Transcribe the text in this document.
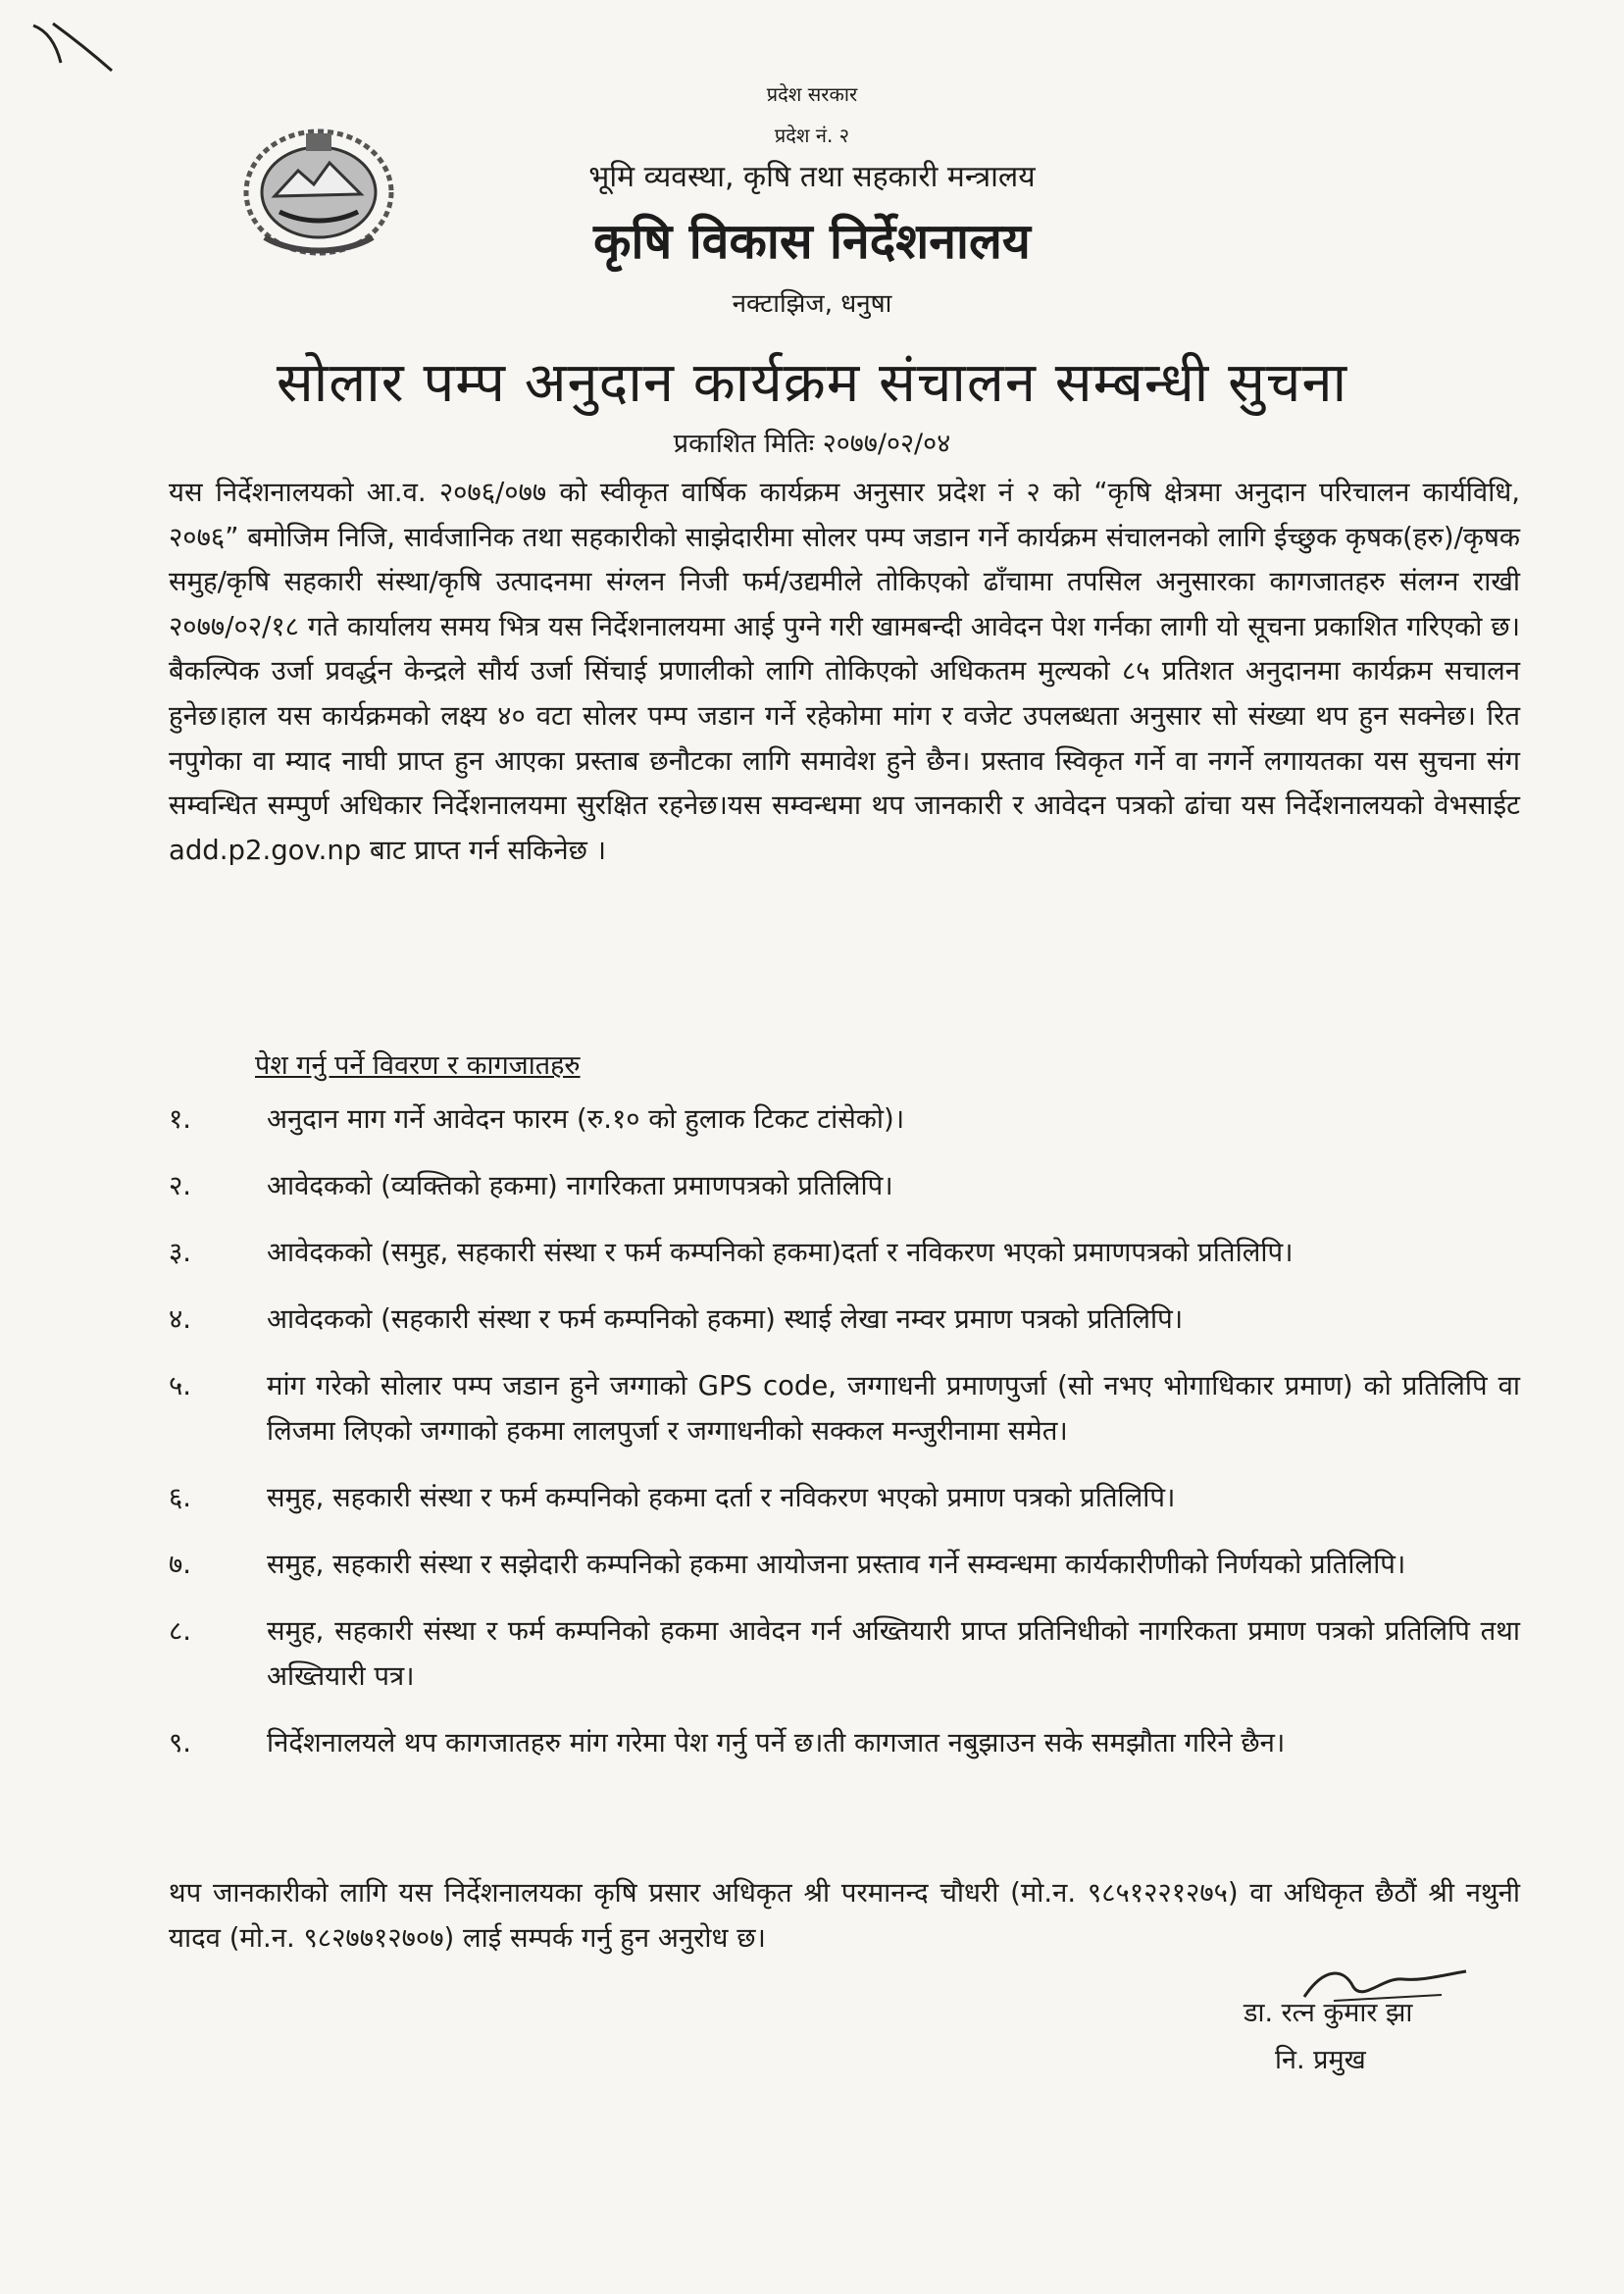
प्रदेश सरकार
प्रदेश नं. २
भूमि व्यवस्था, कृषि तथा सहकारी मन्त्रालय
कृषि विकास निर्देशनालय
नक्टाझिज, धनुषा
सोलार पम्प अनुदान कार्यक्रम संचालन सम्बन्धी सुचना
प्रकाशित मितिः २०७७/०२/०४
यस निर्देशनालयको आ.व. २०७६/०७७ को स्वीकृत वार्षिक कार्यक्रम अनुसार प्रदेश नं २ को “कृषि क्षेत्रमा अनुदान परिचालन कार्यविधि, २०७६” बमोजिम निजि, सार्वजानिक तथा सहकारीको साझेदारीमा सोलर पम्प जडान गर्ने कार्यक्रम संचालनको लागि ईच्छुक कृषक(हरु)/कृषक समुह/कृषि सहकारी संस्था/कृषि उत्पादनमा संग्लन निजी फर्म/उद्यमीले तोकिएको ढाँचामा तपसिल अनुसारका कागजातहरु संलग्न राखी २०७७/०२/१८ गते कार्यालय समय भित्र यस निर्देशनालयमा आई पुग्ने गरी खामबन्दी आवेदन पेश गर्नका लागी यो सूचना प्रकाशित गरिएको छ। बैकल्पिक उर्जा प्रवर्द्धन केन्द्रले सौर्य उर्जा सिंचाई प्रणालीको लागि तोकिएको अधिकतम मुल्यको ८५ प्रतिशत अनुदानमा कार्यक्रम सचालन हुनेछ।हाल यस कार्यक्रमको लक्ष्य ४० वटा सोलर पम्प जडान गर्ने रहेकोमा मांग र वजेट उपलब्धता अनुसार सो संख्या थप हुन सक्नेछ। रित नपुगेका वा म्याद नाघी प्राप्त हुन आएका प्रस्ताब छनौटका लागि समावेश हुने छैन। प्रस्ताव स्विकृत गर्ने वा नगर्ने लगायतका यस सुचना संग सम्वन्धित सम्पुर्ण अधिकार निर्देशनालयमा सुरक्षित रहनेछ।यस सम्वन्धमा थप जानकारी र आवेदन पत्रको ढांचा यस निर्देशनालयको वेभसाईट add.p2.gov.np बाट प्राप्त गर्न सकिनेछ ।
पेश गर्नु पर्ने विवरण र कागजातहरु
१.	अनुदान माग गर्ने आवेदन फारम (रु.१० को हुलाक टिकट टांसेको)।
२.	आवेदकको (व्यक्तिको हकमा) नागरिकता प्रमाणपत्रको प्रतिलिपि।
३.	आवेदकको (समुह, सहकारी संस्था र फर्म कम्पनिको हकमा)दर्ता र नविकरण भएको प्रमाणपत्रको प्रतिलिपि।
४.	आवेदकको (सहकारी संस्था र फर्म कम्पनिको हकमा) स्थाई लेखा नम्वर प्रमाण पत्रको प्रतिलिपि।
५.	मांग गरेको सोलार पम्प जडान हुने जग्गाको GPS code, जग्गाधनी प्रमाणपुर्जा (सो नभए भोगाधिकार प्रमाण) को प्रतिलिपि वा लिजमा लिएको जग्गाको हकमा लालपुर्जा र जग्गाधनीको सक्कल मन्जुरीनामा समेत।
६.	समुह, सहकारी संस्था र फर्म कम्पनिको हकमा दर्ता र नविकरण भएको प्रमाण पत्रको प्रतिलिपि।
७.	समुह, सहकारी संस्था र सझेदारी कम्पनिको हकमा आयोजना प्रस्ताव गर्ने सम्वन्धमा कार्यकारीणीको निर्णयको प्रतिलिपि।
८.	समुह, सहकारी संस्था र फर्म कम्पनिको हकमा आवेदन गर्न अख्तियारी प्राप्त प्रतिनिधीको नागरिकता प्रमाण पत्रको प्रतिलिपि तथा अख्तियारी पत्र।
९.	निर्देशनालयले थप कागजातहरु मांग गरेमा पेश गर्नु पर्ने छ।ती कागजात नबुझाउन सके समझौता गरिने छैन।
थप जानकारीको लागि यस निर्देशनालयका कृषि प्रसार अधिकृत श्री परमानन्द चौधरी (मो.न. ९८५१२२१२७५) वा अधिकृत छैठौं श्री नथुनी यादव (मो.न. ९८२७७१२७०७) लाई सम्पर्क गर्नु हुन अनुरोध छ।
डा. रत्न कुमार झा
नि. प्रमुख
